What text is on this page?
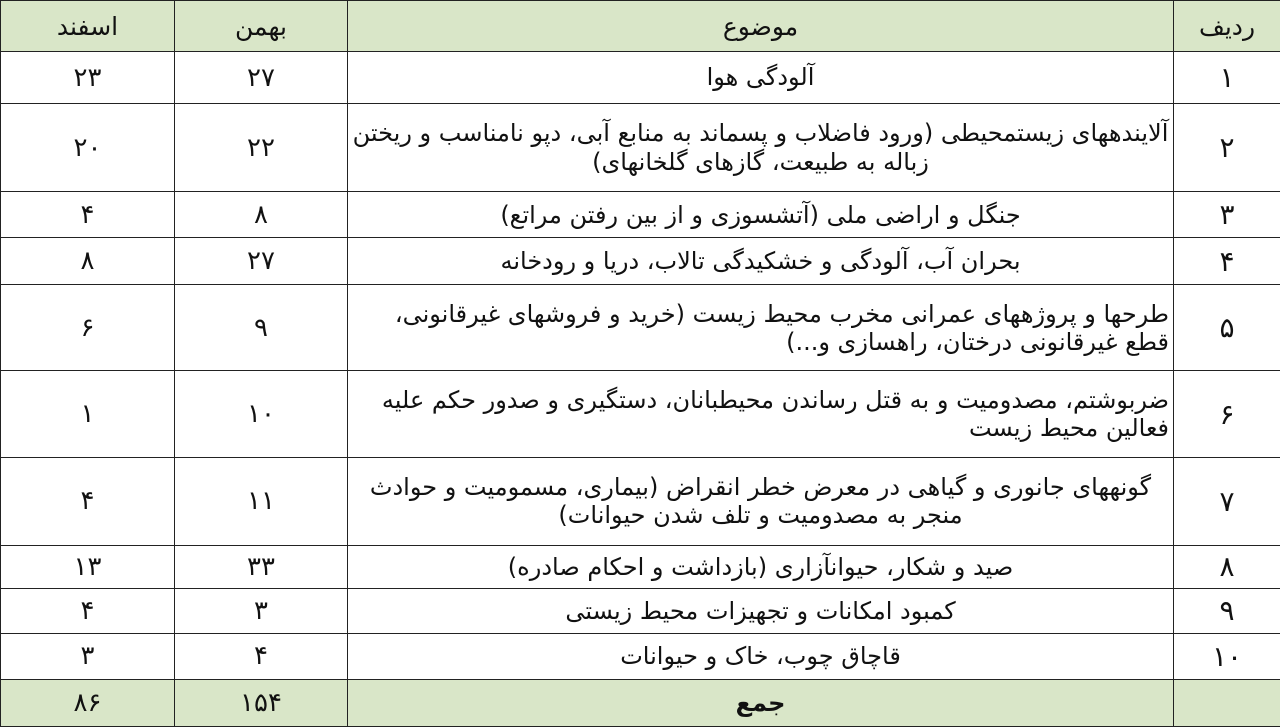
اسفند	بهمن	موضوع	ردیف
۲۳	۲۷	آلودگی هوا	۱
۲۰	۲۲	آلایندههای زیستمحیطی (ورود فاضلاب و پسماند به منابع آبی، دپو نامناسب و ریختن زباله به طبیعت، گازهای گلخانهای)	۲
۴	۸	جنگل و اراضی ملی (آتشسوزی و از بین رفتن مراتع)	۳
۸	۲۷	بحران آب، آلودگی و خشکیدگی تالاب، دریا و رودخانه	۴
۶	۹	طرحها و پروژههای عمرانی مخرب محیط زیست (خرید و فروشهای غیرقانونی، قطع غیرقانونی درختان، راهسازی و...)	۵
۱	۱۰	ضربوشتم، مصدومیت و به قتل رساندن محیطبانان، دستگیری و صدور حکم علیه فعالین محیط زیست	۶
۴	۱۱	گونههای جانوری و گیاهی در معرض خطر انقراض (بیماری، مسمومیت و حوادث منجر به مصدومیت و تلف شدن حیوانات)	۷
۱۳	۳۳	صید و شکار، حیوانآزاری (بازداشت و احکام صادره)	۸
۴	۳	کمبود امکانات و تجهیزات محیط زیستی	۹
۳	۴	قاچاق چوب، خاک و حیوانات	۱۰
۸۶	۱۵۴	جمع	
